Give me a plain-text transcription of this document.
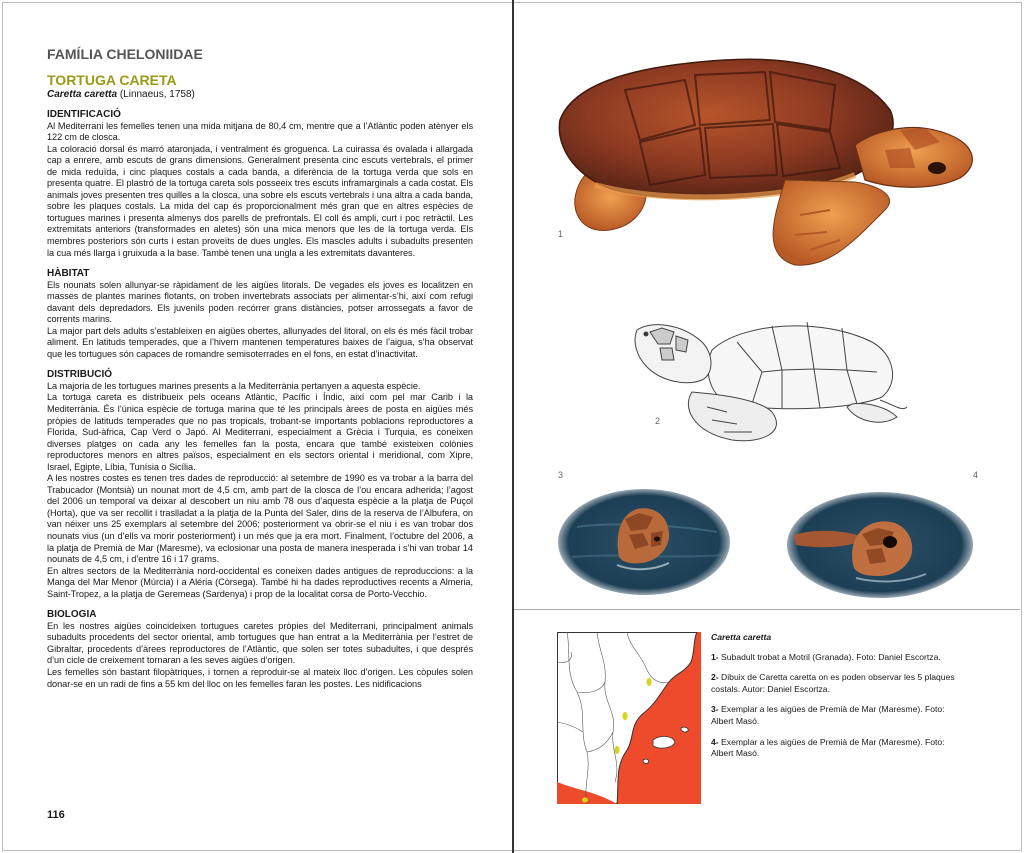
FAMÍLIA CHELONIIDAE
TORTUGA CARETA
Caretta caretta (Linnaeus, 1758)
IDENTIFICACIÓ

Al Mediterrani les femelles tenen una mida mitjana de 80,4 cm, mentre que a l’Atlàntic poden atènyer els 122 cm de closca.

La coloració dorsal és marró ataronjada, i ventralment és groguenca. La cuirassa és ovalada i allargada cap a enrere, amb escuts de grans dimensions. Generalment presenta cinc escuts vertebrals, el primer de mida reduïda, i cinc plaques costals a cada banda, a diferència de la tortuga verda que sols en presenta quatre. El plastró de la tortuga careta sols posseeix tres escuts inframarginals a cada costat. Els animals joves presenten tres quilles a la closca, una sobre els escuts vertebrals i una altra a cada banda, sobre les plaques costals. La mida del cap és proporcionalment més gran que en altres espècies de tortugues marines i presenta almenys dos parells de prefrontals. El coll és ampli, curt i poc retràctil. Les extremitats anteriors (transformades en aletes) són una mica menors que les de la tortuga verda. Els membres posteriors són curts i estan proveïts de dues ungles. Els mascles adults i subadults presenten la cua més llarga i gruixuda a la base. També tenen una ungla a les extremitats davanteres.

HÀBITAT

Els nounats solen allunyar-se ràpidament de les aigües litorals. De vegades els joves es localitzen en masses de plantes marines flotants, on troben invertebrats associats per alimentar-s’hi, així com refugi davant dels depredadors. Els juvenils poden recórrer grans distàncies, potser arrossegats a favor de corrents marins.

La major part dels adults s’estableixen en aigües obertes, allunyades del litoral, on els és més fàcil trobar aliment. En latituds temperades, que a l’hivern mantenen temperatures baixes de l’aigua, s’ha observat que les tortugues són capaces de romandre semisoterrades en el fons, en estat d’inactivitat.

DISTRIBUCIÓ

La majoria de les tortugues marines presents a la Mediterrània pertanyen a aquesta espècie.

La tortuga careta es distribueix pels oceans Atlàntic, Pacífic i Índic, així com pel mar Carib i la Mediterrània. És l’única espècie de tortuga marina que té les principals àrees de posta en aigües més pròpies de latituds temperades que no pas tropicals, trobant-se importants poblacions reproductores a Florida, Sud-àfrica, Cap Verd o Japó. Al Mediterrani, especialment a Grècia i Turquia, es coneixen diverses platges on cada any les femelles fan la posta, encara que també existeixen colònies reproductores menors en altres països, especialment en els sectors oriental i meridional, com Xipre, Israel, Egipte, Líbia, Tunísia o Sicília.

A les nostres costes es tenen tres dades de reproducció: al setembre de 1990 es va trobar a la barra del Trabucador (Montsià) un nounat mort de 4,5 cm, amb part de la closca de l’ou encara adherida; l’agost del 2006 un temporal va deixar al descobert un niu amb 78 ous d’aquesta espècie a la platja de Puçol (Horta), que va ser recollit i traslladat a la platja de la Punta del Saler, dins de la reserva de l’Albufera, on van néixer uns 25 exemplars al setembre del 2006; posteriorment va obrir-se el niu i es van trobar dos nounats vius (un d’ells va morir posteriorment) i un més que ja era mort. Finalment, l’octubre del 2006, a la platja de Premià de Mar (Maresme), va eclosionar una posta de manera inesperada i s’hi van trobar 14 nounats de 4,5 cm, i d’entre 16 i 17 grams.

En altres sectors de la Mediterrània nord-occidental es coneixen dades antigues de reproduccions: a la Manga del Mar Menor (Múrcia) i a Aléria (Còrsega). També hi ha dades reproductives recents a Almeria, Saint-Tropez, a la platja de Geremeas (Sardenya) i prop de la localitat corsa de Porto-Vecchio.

BIOLOGIA

En les nostres aigües coincideixen tortugues caretes pròpies del Mediterrani, principalment animals subadults procedents del sector oriental, amb tortugues que han entrat a la Mediterrània per l’estret de Gibraltar, procedents d’àrees reproductores de l’Atlàntic, que solen ser totes subadultes, i que després d’un cicle de creixement tornaran a les seves aigües d’origen.

Les femelles són bastant filopàtriques, i tornen a reproduir-se al mateix lloc d’origen. Les còpules solen donar-se en un radi de fins a 55 km del lloc on les femelles faran les postes. Les nidificacions

116
1
2
3	4
Caretta caretta
1- Subadult trobat a Motril (Granada). Foto: Daniel Escortza.
2- Dibuix de Caretta caretta on es poden observar les 5 plaques costals. Autor: Daniel Escortza.
3- Exemplar a les aigües de Premià de Mar (Maresme). Foto: Albert Masó.
4- Exemplar a les aigües de Premià de Mar (Maresme). Foto: Albert Masó.
